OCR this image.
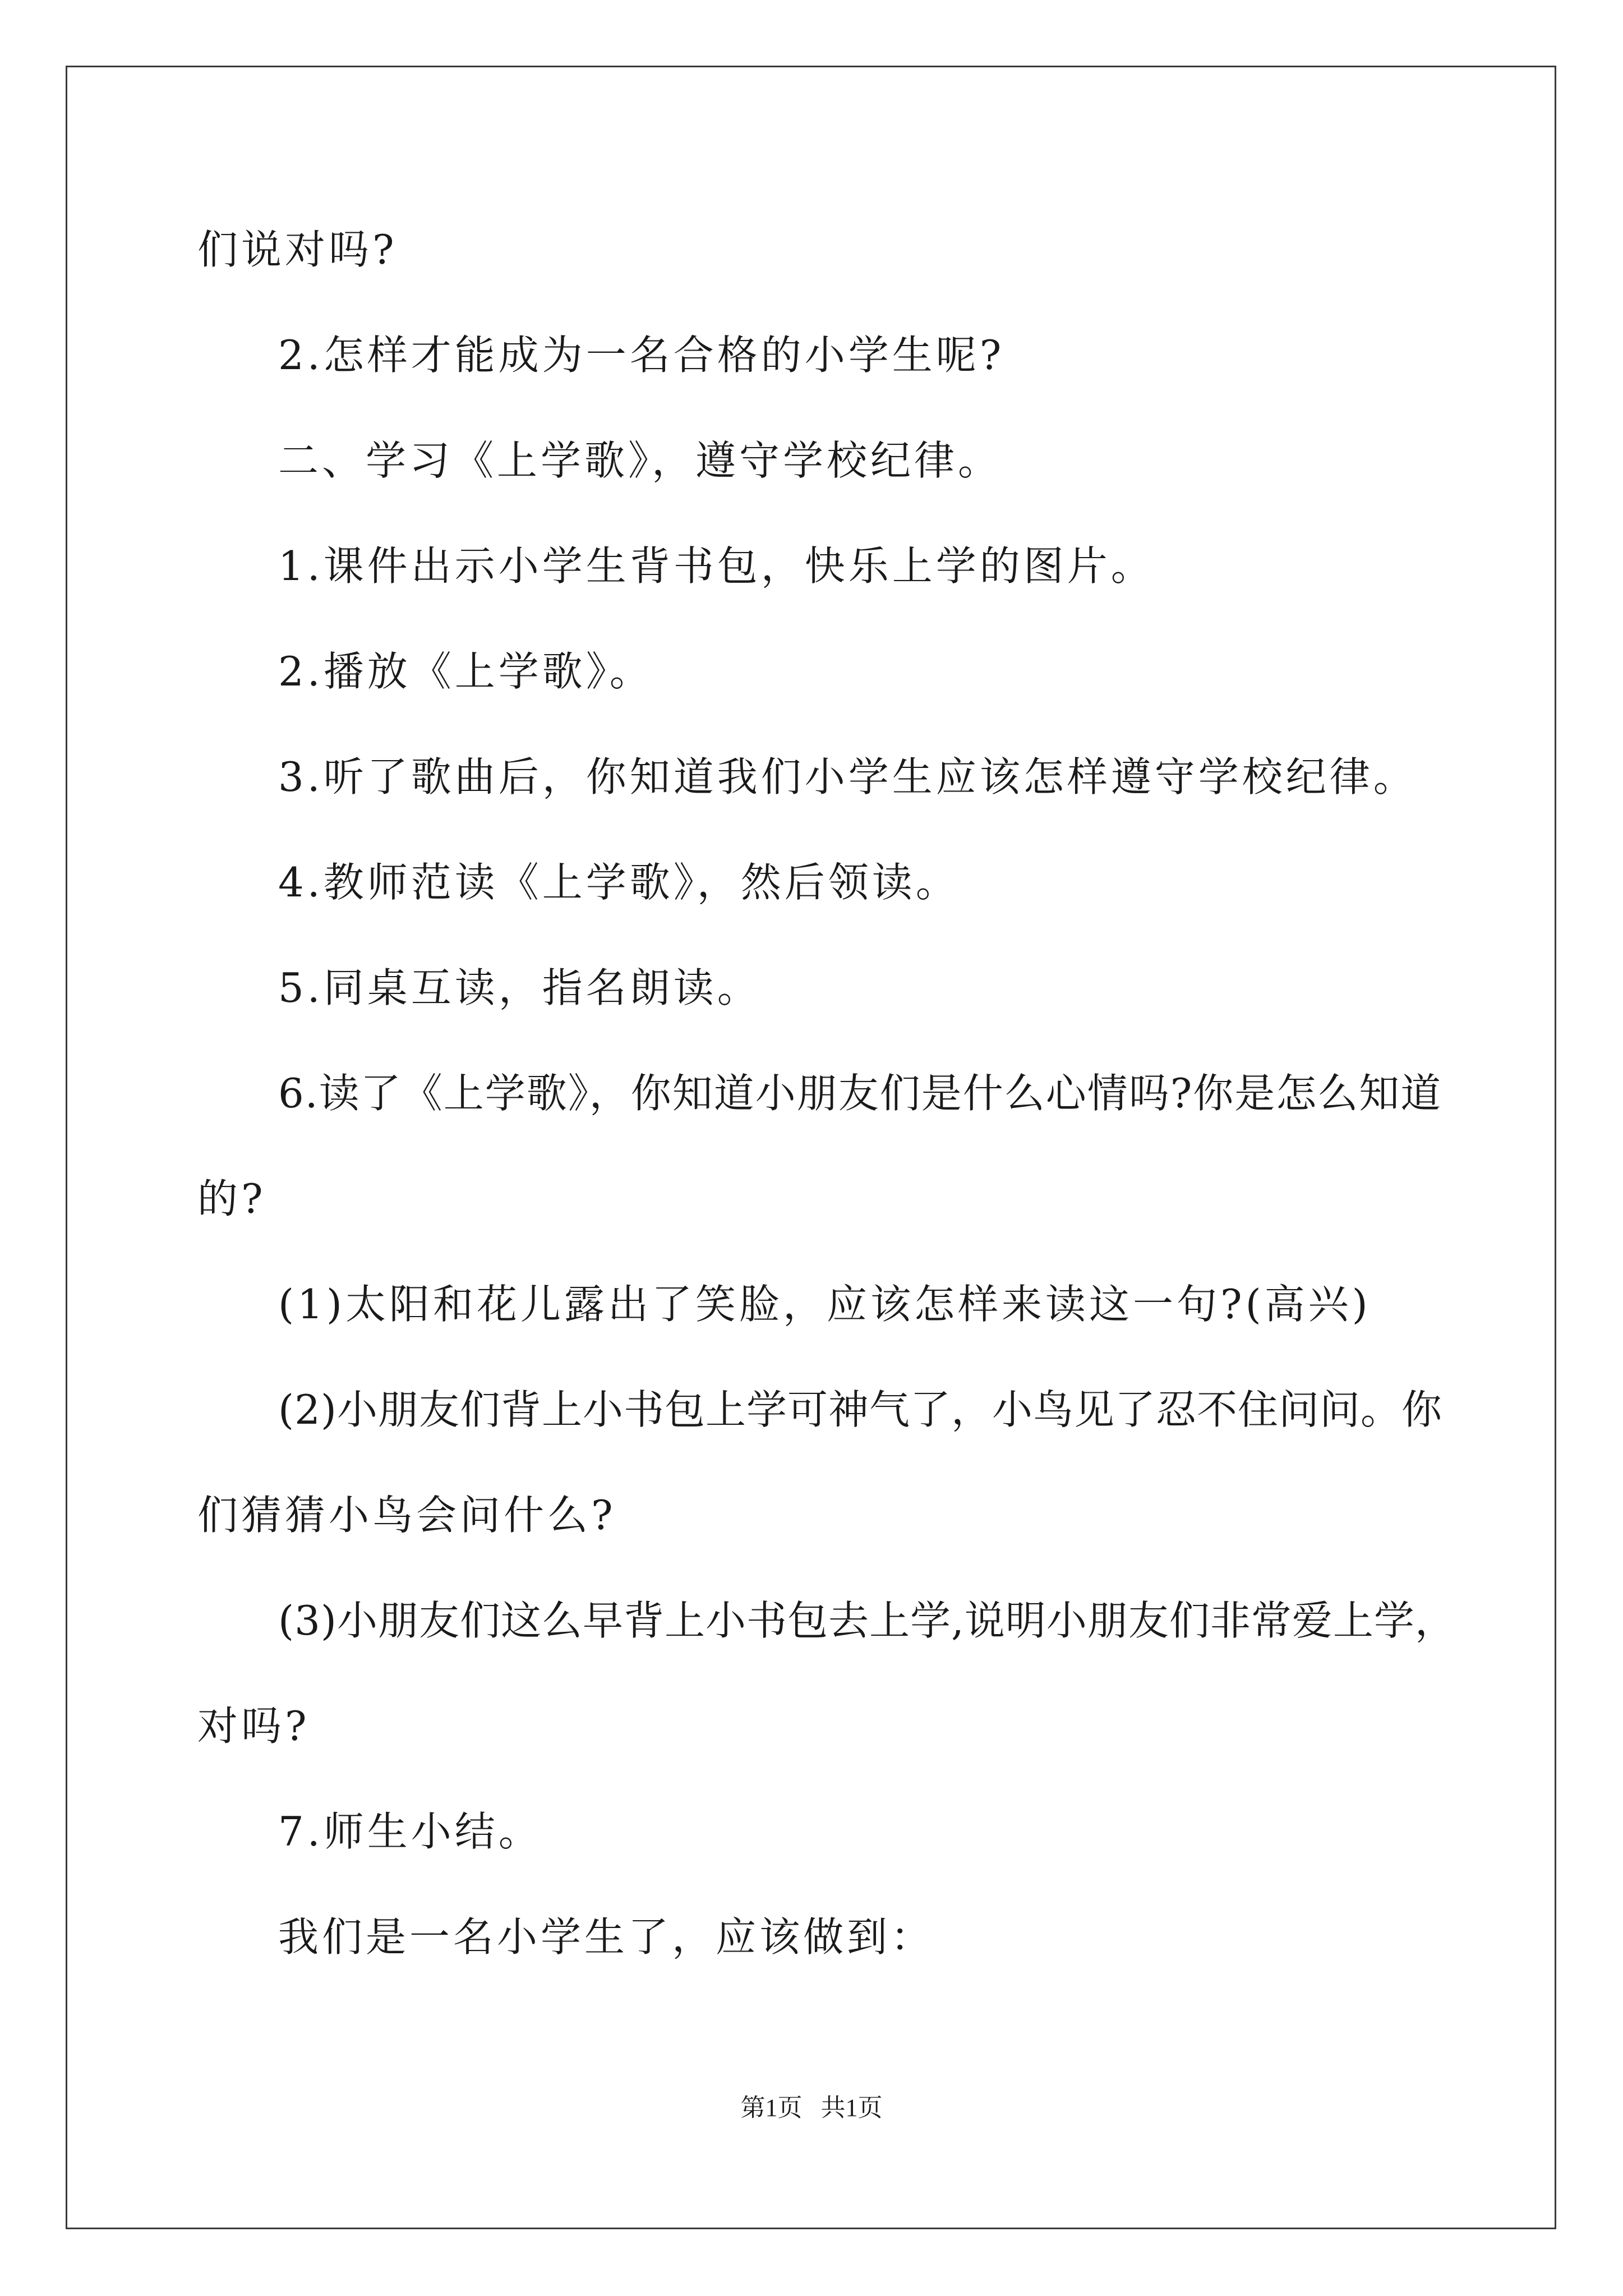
们说对吗?
2.怎样才能成为一名合格的小学生呢?
二、学习《上学歌》，遵守学校纪律。
1.课件出示小学生背书包，快乐上学的图片。
2.播放《上学歌》。
3.听了歌曲后，你知道我们小学生应该怎样遵守学校纪律。
4.教师范读《上学歌》，然后领读。
5.同桌互读，指名朗读。
6.读了《上学歌》，你知道小朋友们是什么心情吗?你是怎么知道
的?
(1)太阳和花儿露出了笑脸，应该怎样来读这一句?(高兴)
(2)小朋友们背上小书包上学可神气了，小鸟见了忍不住问问。你
们猜猜小鸟会问什么?
(3)小朋友们这么早背上小书包去上学,说明小朋友们非常爱上学，
对吗?
7.师生小结。
我们是一名小学生了，应该做到：
第1页   共1页
